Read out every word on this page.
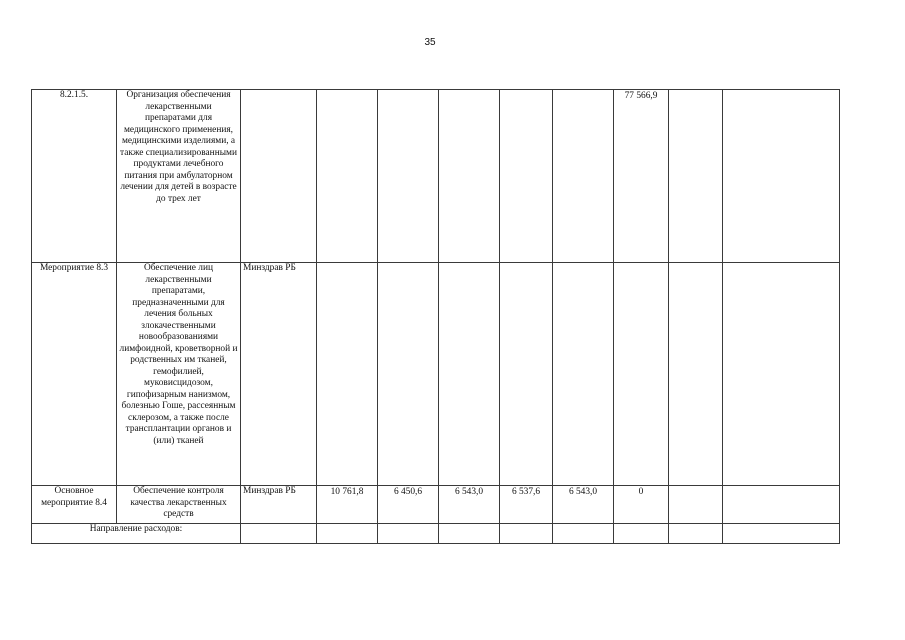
35
8.2.1.5.	Организация обеспечения лекарственными препаратами для медицинского применения, медицинскими изделиями, а также специализированными продуктами лечебного питания при амбулаторном лечении для детей в возрасте до трех лет							77 566,9		

Мероприятие 8.3	Обеспечение лиц лекарственными препаратами, предназначенными для лечения больных злокачественными новообразованиями лимфоидной, кроветворной и родственных им тканей, гемофилией, муковисцидозом, гипофизарным нанизмом, болезнью Гоше, рассеянным склерозом, а также после трансплантации органов и (или) тканей	Минздрав РБ	

Основное мероприятие 8.4	Обеспечение контроля качества лекарственных средств	Минздрав РБ	10 761,8	6 450,6	6 543,0	6 537,6	6 543,0	0		

Направление расходов:										
